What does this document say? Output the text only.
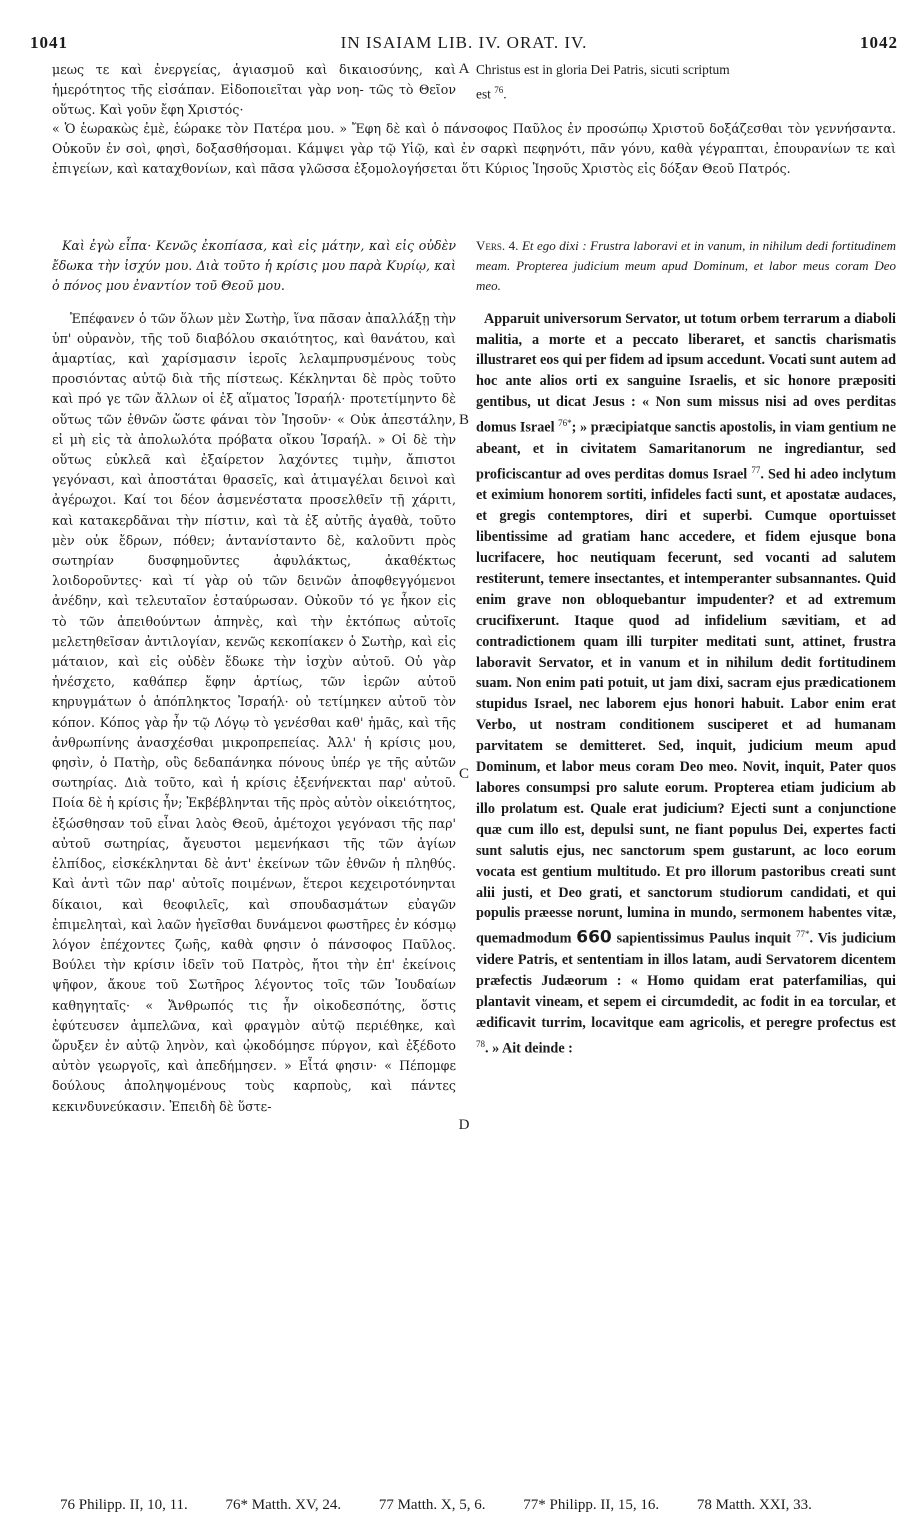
1041	IN ISAIAM LIB. IV. ORAT. IV.	1042

μεως τε καὶ ἐνεργείας, ἁγιασμοῦ καὶ δικαιοσύνης, καὶ ἡμερότητος τῆς εἰσάπαν. Εἰδοποιεῖται γὰρ νοη- τῶς τὸ Θεῖον οὕτως. Καὶ γοῦν ἔφη Χριστός·

Christus est in gloria Dei Patris, sicuti scriptum
est $^{76}$.
« Ὁ ἑωρακὼς ἐμὲ, ἑώρακε τὸν Πατέρα μου. » Ἔφη δὲ καὶ ὁ πάνσοφος Παῦλος ἐν προσώπῳ Χριστοῦ δοξάζεσθαι τὸν γεννήσαντα. Οὐκοῦν ἐν σοὶ, φησὶ, δοξασθήσομαι. Κάμψει γὰρ τῷ Υἱῷ, καὶ ἐν σαρκὶ πεφηνότι, πᾶν γόνυ, καθὰ γέγραπται, ἐπουρανίων τε καὶ ἐπιγείων, καὶ καταχθονίων, καὶ πᾶσα γλῶσσα ἐξομολογήσεται ὅτι Κύριος Ἰησοῦς Χριστὸς εἰς δόξαν Θεοῦ Πατρός.

Καὶ ἐγὼ εἶπα· Κενῶς ἐκοπίασα, καὶ εἰς μάτην, καὶ εἰς οὐδὲν ἔδωκα τὴν ἰσχύν μου. Διὰ τοῦτο ἡ κρίσις μου παρὰ Κυρίῳ, καὶ ὁ πόνος μου ἐναντίον τοῦ Θεοῦ μου.

Ἐπέφανεν ὁ τῶν ὅλων μὲν Σωτὴρ, ἵνα πᾶσαν ἀπαλλάξῃ τὴν ὑπ' οὐρανὸν, τῆς τοῦ διαβόλου σκαιότητος, καὶ θανάτου, καὶ ἁμαρτίας, καὶ χαρίσμασιν ἱεροῖς λελαμπρυσμένους τοὺς προσιόντας αὐτῷ διὰ τῆς πίστεως. Κέκληνται δὲ πρὸς τοῦτο καὶ πρό γε τῶν ἄλλων οἱ ἐξ αἵματος Ἰσραήλ· προτετίμηντο δὲ οὕτως τῶν ἐθνῶν ὥστε φάναι τὸν Ἰησοῦν· « Οὐκ ἀπεστάλην, εἰ μὴ εἰς τὰ ἀπολωλότα πρόβατα οἴκου Ἰσραήλ. » Οἱ δὲ τὴν οὕτως εὐκλεᾶ καὶ ἐξαίρετον λαχόντες τιμὴν, ἄπιστοι γεγόνασι, καὶ ἀποστάται θρασεῖς, καὶ ἀτιμαγέλαι δεινοὶ καὶ ἀγέρωχοι. Καί τοι δέον ἀσμενέστατα προσελθεῖν τῇ χάριτι, καὶ κατακερδᾶναι τὴν πίστιν, καὶ τὰ ἐξ αὐτῆς ἀγαθὰ, τοῦτο μὲν οὐκ ἔδρων, πόθεν; ἀντανίσταντο δὲ, καλοῦντι πρὸς σωτηρίαν δυσφημοῦντες ἀφυλάκτως, ἀκαθέκτως λοιδοροῦντες· καὶ τί γὰρ οὐ τῶν δεινῶν ἀποφθεγγόμενοι ἀνέδην, καὶ τελευταῖον ἐσταύρωσαν. Οὐκοῦν τό γε ἧκον εἰς τὸ τῶν ἀπειθούντων ἀπηνὲς, καὶ τὴν ἐκτόπως αὐτοῖς μελετηθεῖσαν ἀντιλογίαν, κενῶς κεκοπίακεν ὁ Σωτὴρ, καὶ εἰς μάταιον, καὶ εἰς οὐδὲν ἔδωκε τὴν ἰσχὺν αὐτοῦ. Οὐ γὰρ ἠνέσχετο, καθάπερ ἔφην ἀρτίως, τῶν ἱερῶν αὐτοῦ κηρυγμάτων ὁ ἀπόπληκτος Ἰσραήλ· οὐ τετίμηκεν αὐτοῦ τὸν κόπον. Κόπος γὰρ ἦν τῷ Λόγῳ τὸ γενέσθαι καθ' ἡμᾶς, καὶ τῆς ἀνθρωπίνης ἀνασχέσθαι μικροπρεπείας. Ἀλλ' ἡ κρίσις μου, φησὶν, ὁ Πατὴρ, οὓς δεδαπάνηκα πόνους ὑπέρ γε τῆς αὐτῶν σωτηρίας. Διὰ τοῦτο, καὶ ἡ κρίσις ἐξενήνεκται παρ' αὐτοῦ. Ποία δὲ ἡ κρίσις ἦν; Ἐκβέβληνται τῆς πρὸς αὐτὸν οἰκειότητος, ἐξώσθησαν τοῦ εἶναι λαὸς Θεοῦ, ἀμέτοχοι γεγόνασι τῆς παρ' αὐτοῦ σωτηρίας, ἄγευστοι μεμενήκασι τῆς τῶν ἁγίων ἐλπίδος, εἰσκέκληνται δὲ ἀντ' ἐκείνων τῶν ἐθνῶν ἡ πληθύς. Καὶ ἀντὶ τῶν παρ' αὐτοῖς ποιμένων, ἕτεροι κεχειροτόνηνται δίκαιοι, καὶ θεοφιλεῖς, καὶ σπουδασμάτων εὐαγῶν ἐπιμεληταὶ, καὶ λαῶν ἡγεῖσθαι δυνάμενοι φωστῆρες ἐν κόσμῳ λόγον ἐπέχοντες ζωῆς, καθὰ φησιν ὁ πάνσοφος Παῦλος. Βούλει τὴν κρίσιν ἰδεῖν τοῦ Πατρὸς, ἤτοι τὴν ἐπ' ἐκείνοις ψῆφον, ἄκουε τοῦ Σωτῆρος λέγοντος τοῖς τῶν Ἰουδαίων καθηγηταῖς· « Ἄνθρωπός τις ἦν οἰκοδεσπότης, ὅστις ἐφύτευσεν ἀμπελῶνα, καὶ φραγμὸν αὐτῷ περιέθηκε, καὶ ὤρυξεν ἐν αὐτῷ ληνὸν, καὶ ᾠκοδόμησε πύργον, καὶ ἐξέδοτο αὐτὸν γεωργοῖς, καὶ ἀπεδήμησεν. » Εἶτά φησιν· « Πέπομφε δούλους ἀποληψομένους τοὺς καρποὺς, καὶ πάντες κεκινδυνεύκασιν. Ἐπειδὴ δὲ ὕστε-

Vers. 4. Et ego dixi : Frustra laboravi et in vanum, in nihilum dedi fortitudinem meam. Propterea judicium meum apud Dominum, et labor meus coram Deo meo.

Apparuit universorum Servator, ut totum orbem terrarum a diaboli malitia, a morte et a peccato liberaret, et sanctis charismatis illustraret eos qui per fidem ad ipsum accedunt. Vocati sunt autem ad hoc ante alios orti ex sanguine Israelis, et sic honore præpositi gentibus, ut dicat Jesus : « Non sum missus nisi ad oves perditas domus Israel $^{76*}$; » præcipiatque sanctis apostolis, in viam gentium ne abeant, et in civitatem Samaritanorum ne ingrediantur, sed proficiscantur ad oves perditas domus Israel $^{77}$. Sed hi adeo inclytum et eximium honorem sortiti, infideles facti sunt, et apostatæ audaces, et gregis contemptores, diri et superbi. Cumque oportuisset libentissime ad gratiam hanc accedere, et fidem ejusque bona lucrifacere, hoc neutiquam fecerunt, sed vocanti ad salutem restiterunt, temere insectantes, et intemperanter subsannantes. Quid enim grave non obloquebantur impudenter? et ad extremum crucifixerunt. Itaque quod ad infidelium sævitiam, et ad contradictionem quam illi turpiter meditati sunt, attinet, frustra laboravit Servator, et in vanum et in nihilum dedit fortitudinem suam. Non enim pati potuit, ut jam dixi, sacram ejus prædicationem stupidus Israel, nec laborem ejus honori habuit. Labor enim erat Verbo, ut nostram conditionem susciperet et ad humanam parvitatem se demitteret. Sed, inquit, judicium meum apud Dominum, et labor meus coram Deo meo. Novit, inquit, Pater quos labores consumpsi pro salute eorum. Propterea etiam judicium ab illo prolatum est. Quale erat judicium? Ejecti sunt a conjunctione quæ cum illo est, depulsi sunt, ne fiant populus Dei, expertes facti sunt salutis ejus, nec sanctorum spem gustarunt, ac loco eorum vocata est gentium multitudo. Et pro illorum pastoribus creati sunt alii justi, et Deo grati, et sanctorum studiorum candidati, et qui populis præesse norunt, lumina in mundo, sermonem habentes vitæ, quemadmodum 660 sapientissimus Paulus inquit $^{77*}$. Vis judicium videre Patris, et sententiam in illos latam, audi Servatorem dicentem præfectis Judæorum : « Homo quidam erat paterfamilias, qui plantavit vineam, et sepem ei circumdedit, ac fodit in ea torcular, et ædificavit turrim, locavitque eam agricolis, et peregre profectus est $^{78}$. » Ait deinde :

A
B
C
D
76 Philipp. II, 10, 11.	76* Matth. XV, 24.	77 Matth. X, 5, 6.	77* Philipp. II, 15, 16.	78 Matth. XXI, 33.
